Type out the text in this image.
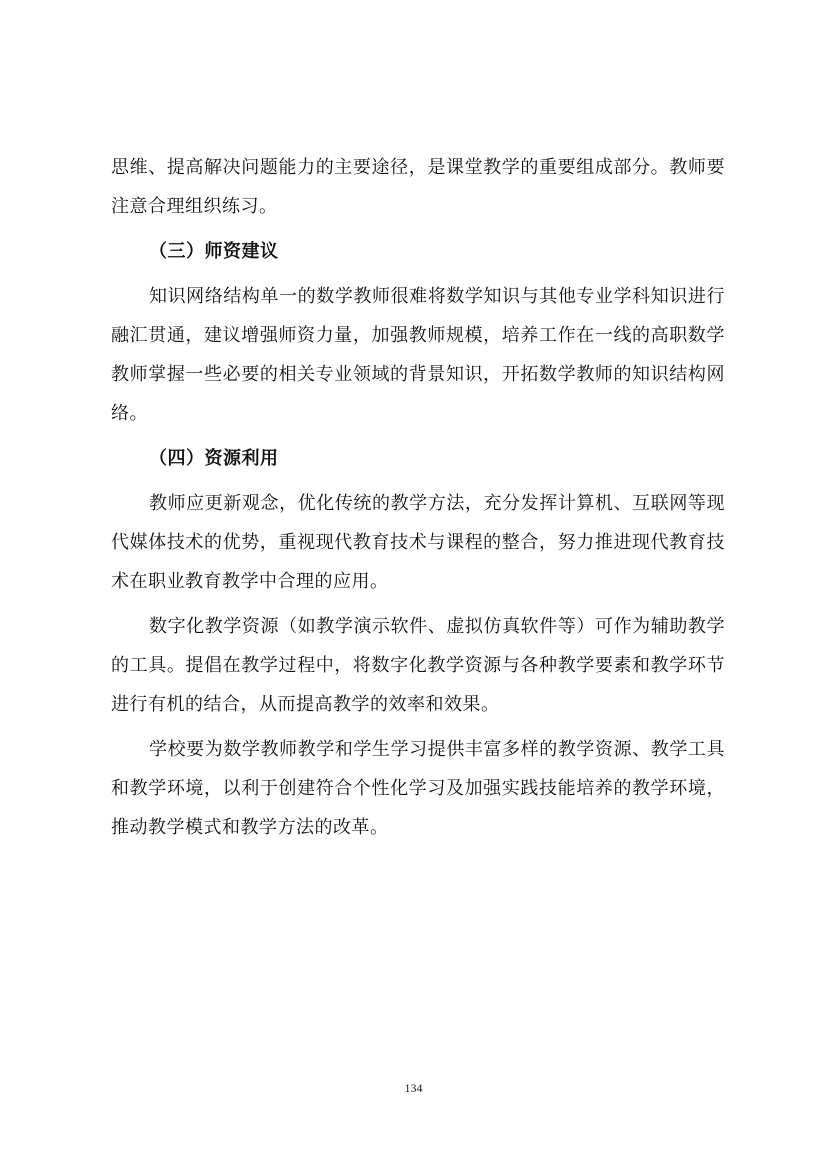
思维、提高解决问题能力的主要途径，是课堂教学的重要组成部分。教师要注意合理组织练习。

（三）师资建议

知识网络结构单一的数学教师很难将数学知识与其他专业学科知识进行融汇贯通，建议增强师资力量，加强教师规模，培养工作在一线的高职数学教师掌握一些必要的相关专业领域的背景知识，开拓数学教师的知识结构网络。

（四）资源利用

教师应更新观念，优化传统的教学方法，充分发挥计算机、互联网等现代媒体技术的优势，重视现代教育技术与课程的整合，努力推进现代教育技术在职业教育教学中合理的应用。

数字化教学资源（如教学演示软件、虚拟仿真软件等）可作为辅助教学的工具。提倡在教学过程中，将数字化教学资源与各种教学要素和教学环节进行有机的结合，从而提高教学的效率和效果。

学校要为数学教师教学和学生学习提供丰富多样的教学资源、教学工具和教学环境，以利于创建符合个性化学习及加强实践技能培养的教学环境，推动教学模式和教学方法的改革。

134
